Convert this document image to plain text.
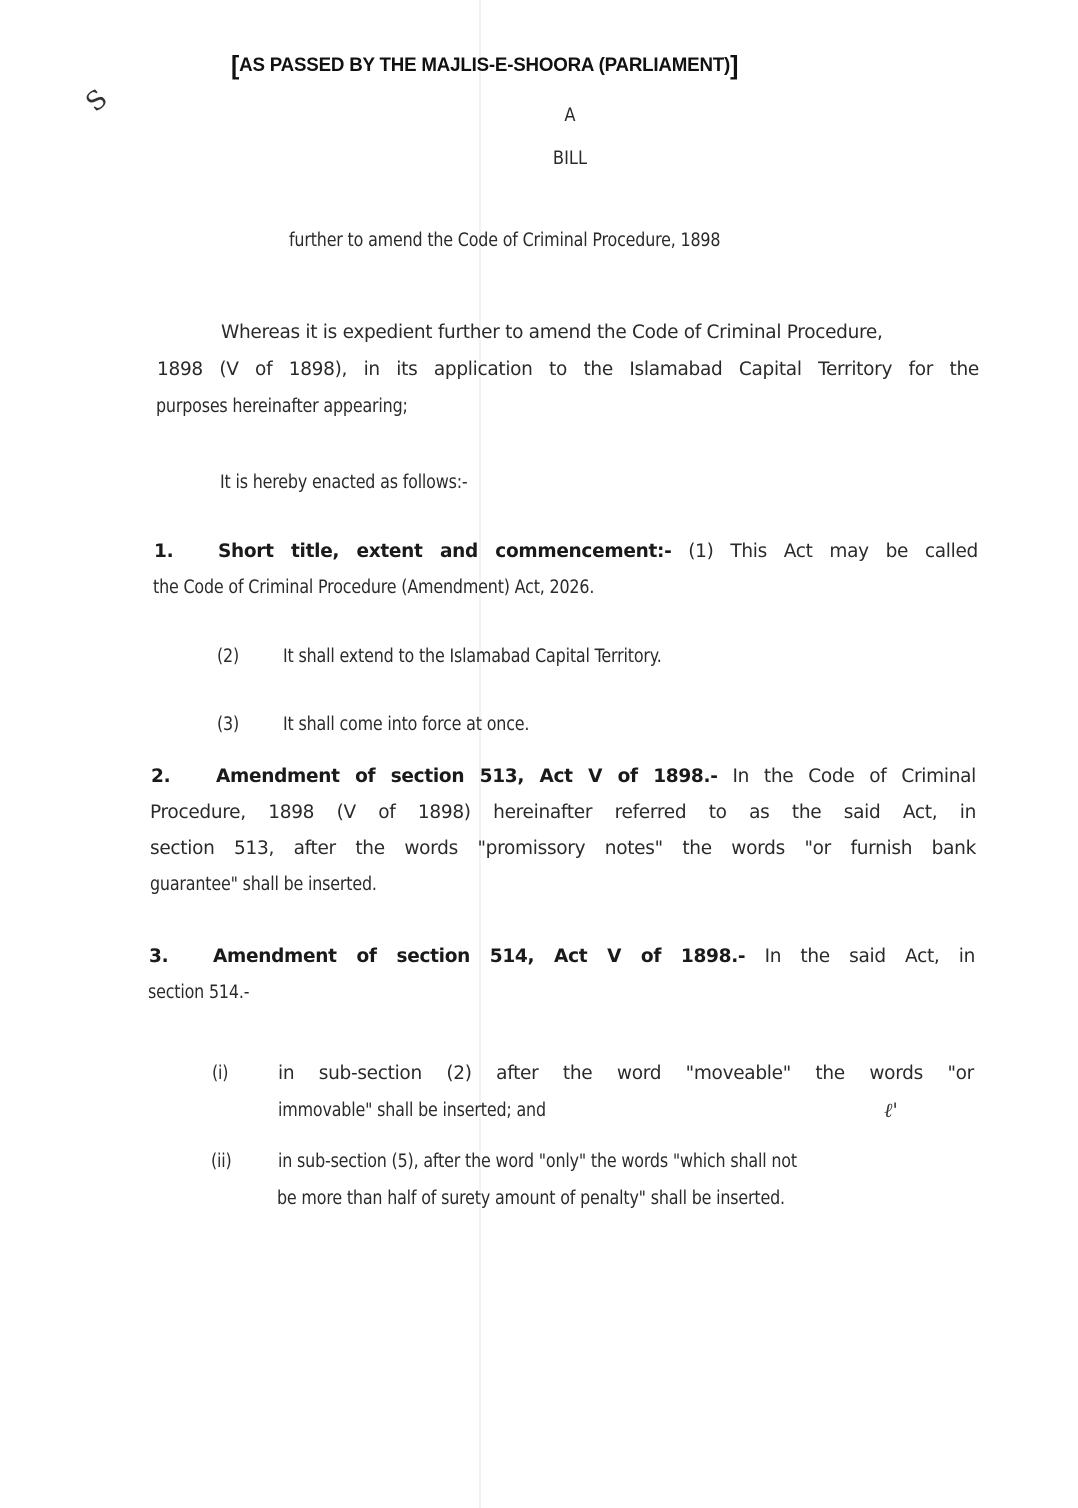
S
ℓ'
[AS PASSED BY THE MAJLIS-E-SHOORA (PARLIAMENT)]
A
BILL
further to amend the Code of Criminal Procedure, 1898
Whereas it is expedient further to amend the Code of Criminal Procedure,
1898 (V of 1898), in its application to the Islamabad Capital Territory for the
purposes hereinafter appearing;
It is hereby enacted as follows:-
1. Short title, extent and commencement:- (1) This Act may be called
the Code of Criminal Procedure (Amendment) Act, 2026.
(2) It shall extend to the Islamabad Capital Territory.
(3) It shall come into force at once.
2. Amendment of section 513, Act V of 1898.- In the Code of Criminal
Procedure, 1898 (V of 1898) hereinafter referred to as the said Act, in
section 513, after the words "promissory notes" the words "or furnish bank
guarantee" shall be inserted.
3. Amendment of section 514, Act V of 1898.- In the said Act, in
section 514.-
(i)	in sub-section (2) after the word "moveable" the words "or
immovable" shall be inserted; and
(ii)	in sub-section (5), after the word "only" the words "which shall not
be more than half of surety amount of penalty" shall be inserted.
